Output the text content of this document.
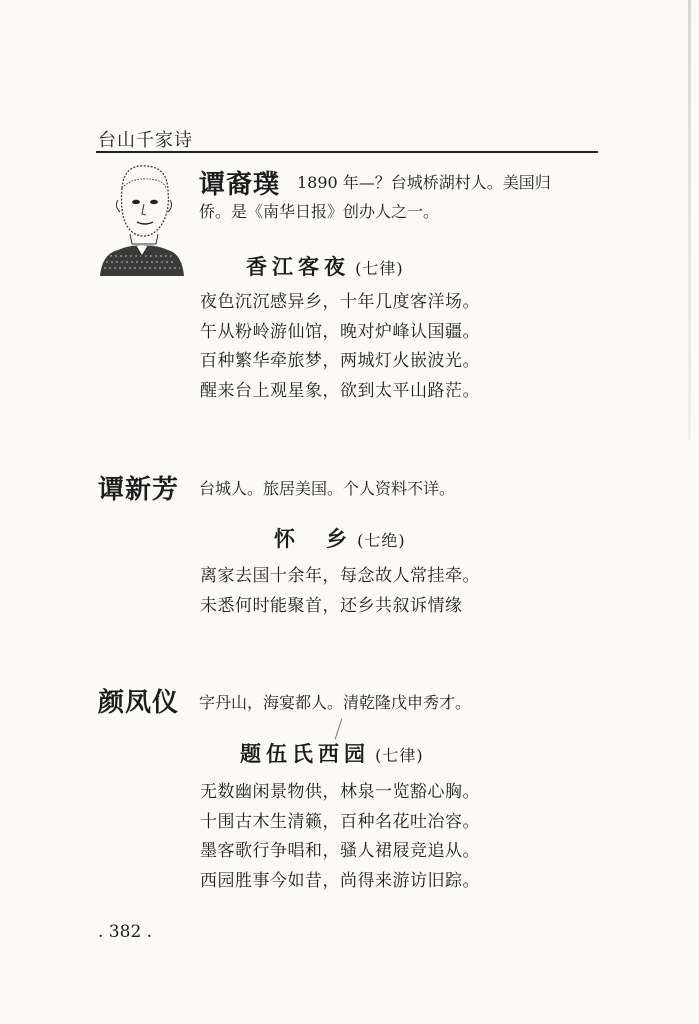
台山千家诗
谭裔璞 1890 年—？台城桥湖村人。美国归
侨。是《南华日报》创办人之一。
香江客夜 (七律)
夜色沉沉感异乡，十年几度客洋场。
午从粉岭游仙馆，晚对炉峰认国疆。
百种繁华牵旅梦，两城灯火嵌波光。
醒来台上观星象，欲到太平山路茫。
谭新芳 台城人。旅居美国。个人资料不详。
怀　乡 (七绝)
离家去国十余年，每念故人常挂牵。
未悉何时能聚首，还乡共叙诉情缘
颜凤仪 字丹山，海宴都人。清乾隆戊申秀才。
题伍氏西园 (七律)
无数幽闲景物供，林泉一览豁心胸。
十围古木生清籁，百种名花吐冶容。
墨客歌行争唱和，骚人裙屐竞追从。
西园胜事今如昔，尚得来游访旧踪。
. 382 .
